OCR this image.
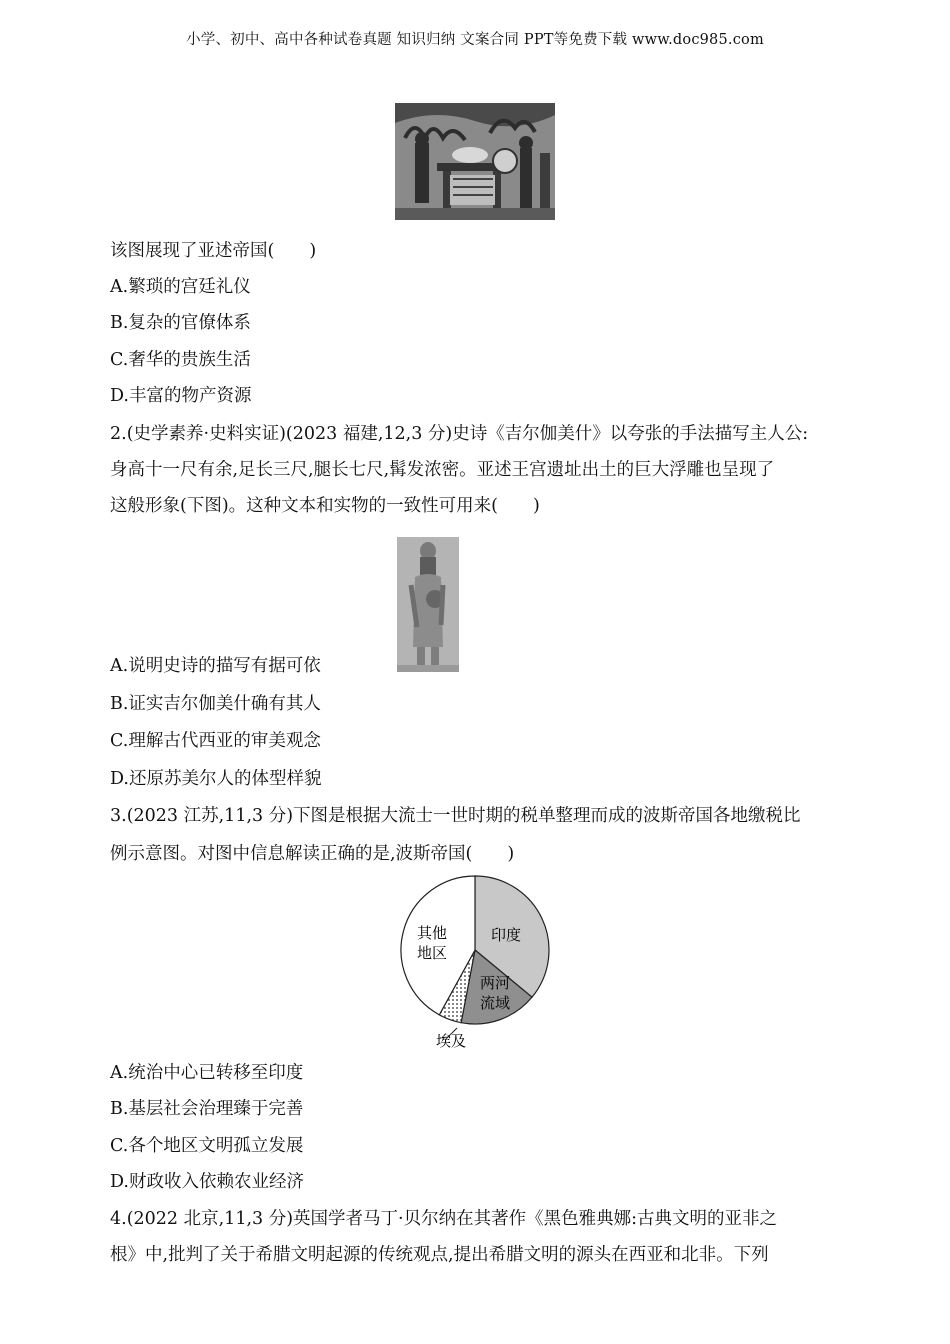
小学、初中、高中各种试卷真题 知识归纳 文案合同 PPT等免费下载 www.doc985.com
该图展现了亚述帝国(　　)
A.繁琐的宫廷礼仪
B.复杂的官僚体系
C.奢华的贵族生活
D.丰富的物产资源
2.(史学素养·史料实证)(2023 福建,12,3 分)史诗《吉尔伽美什》以夸张的手法描写主人公:
身高十一尺有余,足长三尺,腿长七尺,髯发浓密。亚述王宫遗址出土的巨大浮雕也呈现了
这般形象(下图)。这种文本和实物的一致性可用来(　　)
A.说明史诗的描写有据可依
B.证实吉尔伽美什确有其人
C.理解古代西亚的审美观念
D.还原苏美尔人的体型样貌
3.(2023 江苏,11,3 分)下图是根据大流士一世时期的税单整理而成的波斯帝国各地缴税比
例示意图。对图中信息解读正确的是,波斯帝国(　　)
其他
地区
印度
两河
流域
埃及
A.统治中心已转移至印度
B.基层社会治理臻于完善
C.各个地区文明孤立发展
D.财政收入依赖农业经济
4.(2022 北京,11,3 分)英国学者马丁·贝尔纳在其著作《黑色雅典娜:古典文明的亚非之
根》中,批判了关于希腊文明起源的传统观点,提出希腊文明的源头在西亚和北非。下列
